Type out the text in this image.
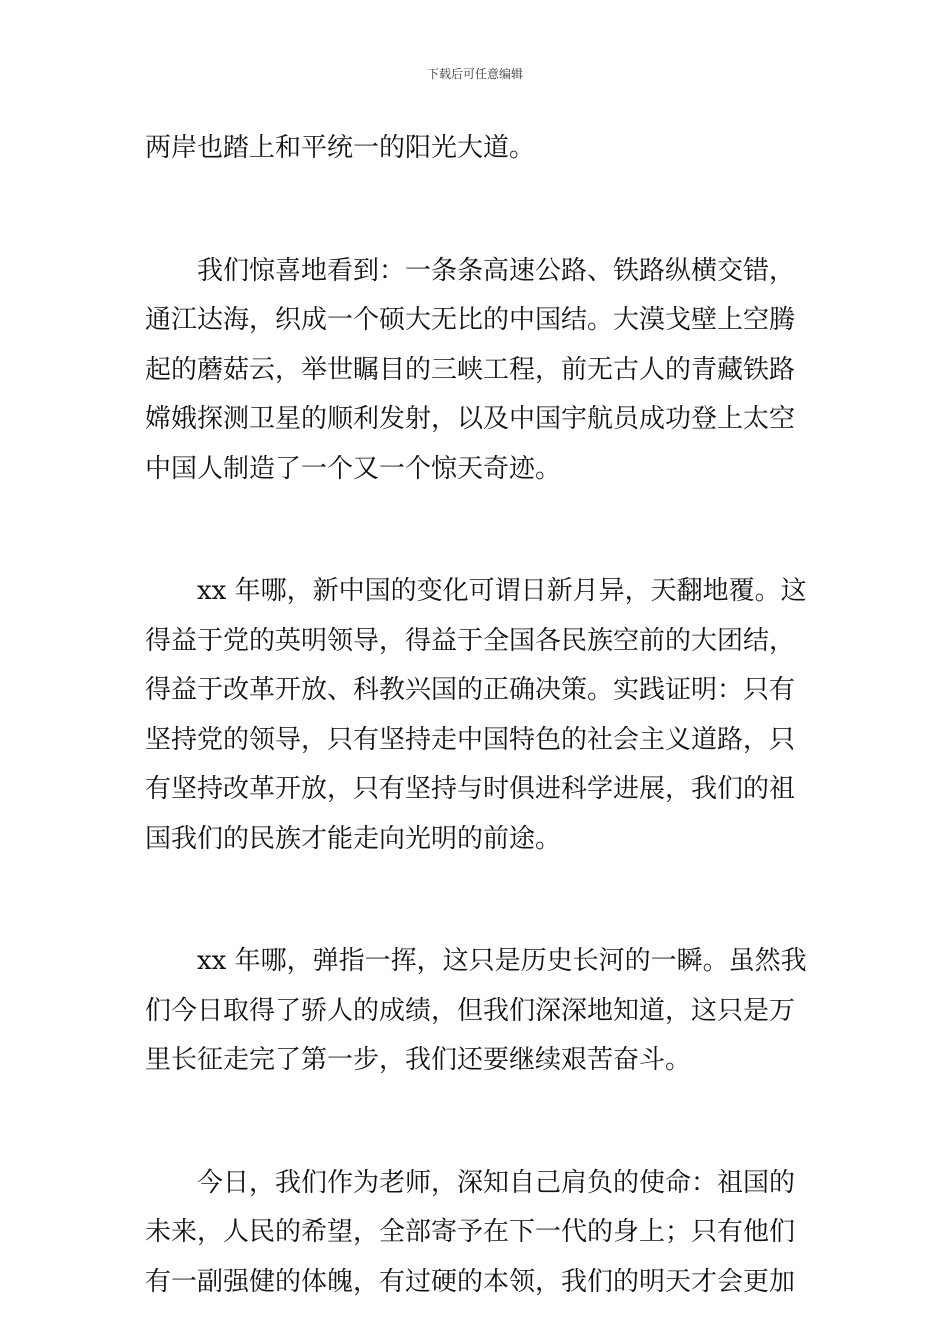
下载后可任意编辑

两岸也踏上和平统一的阳光大道。

我们惊喜地看到：一条条高速公路、铁路纵横交错，
通江达海，织成一个硕大无比的中国结。大漠戈壁上空腾
起的蘑菇云，举世瞩目的三峡工程，前无古人的青藏铁路
嫦娥探测卫星的顺利发射，以及中国宇航员成功登上太空
中国人制造了一个又一个惊天奇迹。

xx 年哪，新中国的变化可谓日新月异，天翻地覆。这
得益于党的英明领导，得益于全国各民族空前的大团结，
得益于改革开放、科教兴国的正确决策。实践证明：只有
坚持党的领导，只有坚持走中国特色的社会主义道路，只
有坚持改革开放，只有坚持与时俱进科学进展，我们的祖
国我们的民族才能走向光明的前途。

xx 年哪，弹指一挥，这只是历史长河的一瞬。虽然我
们今日取得了骄人的成绩，但我们深深地知道，这只是万
里长征走完了第一步，我们还要继续艰苦奋斗。

今日，我们作为老师，深知自己肩负的使命：祖国的
未来，人民的希望，全部寄予在下一代的身上；只有他们
有一副强健的体魄，有过硬的本领，我们的明天才会更加
